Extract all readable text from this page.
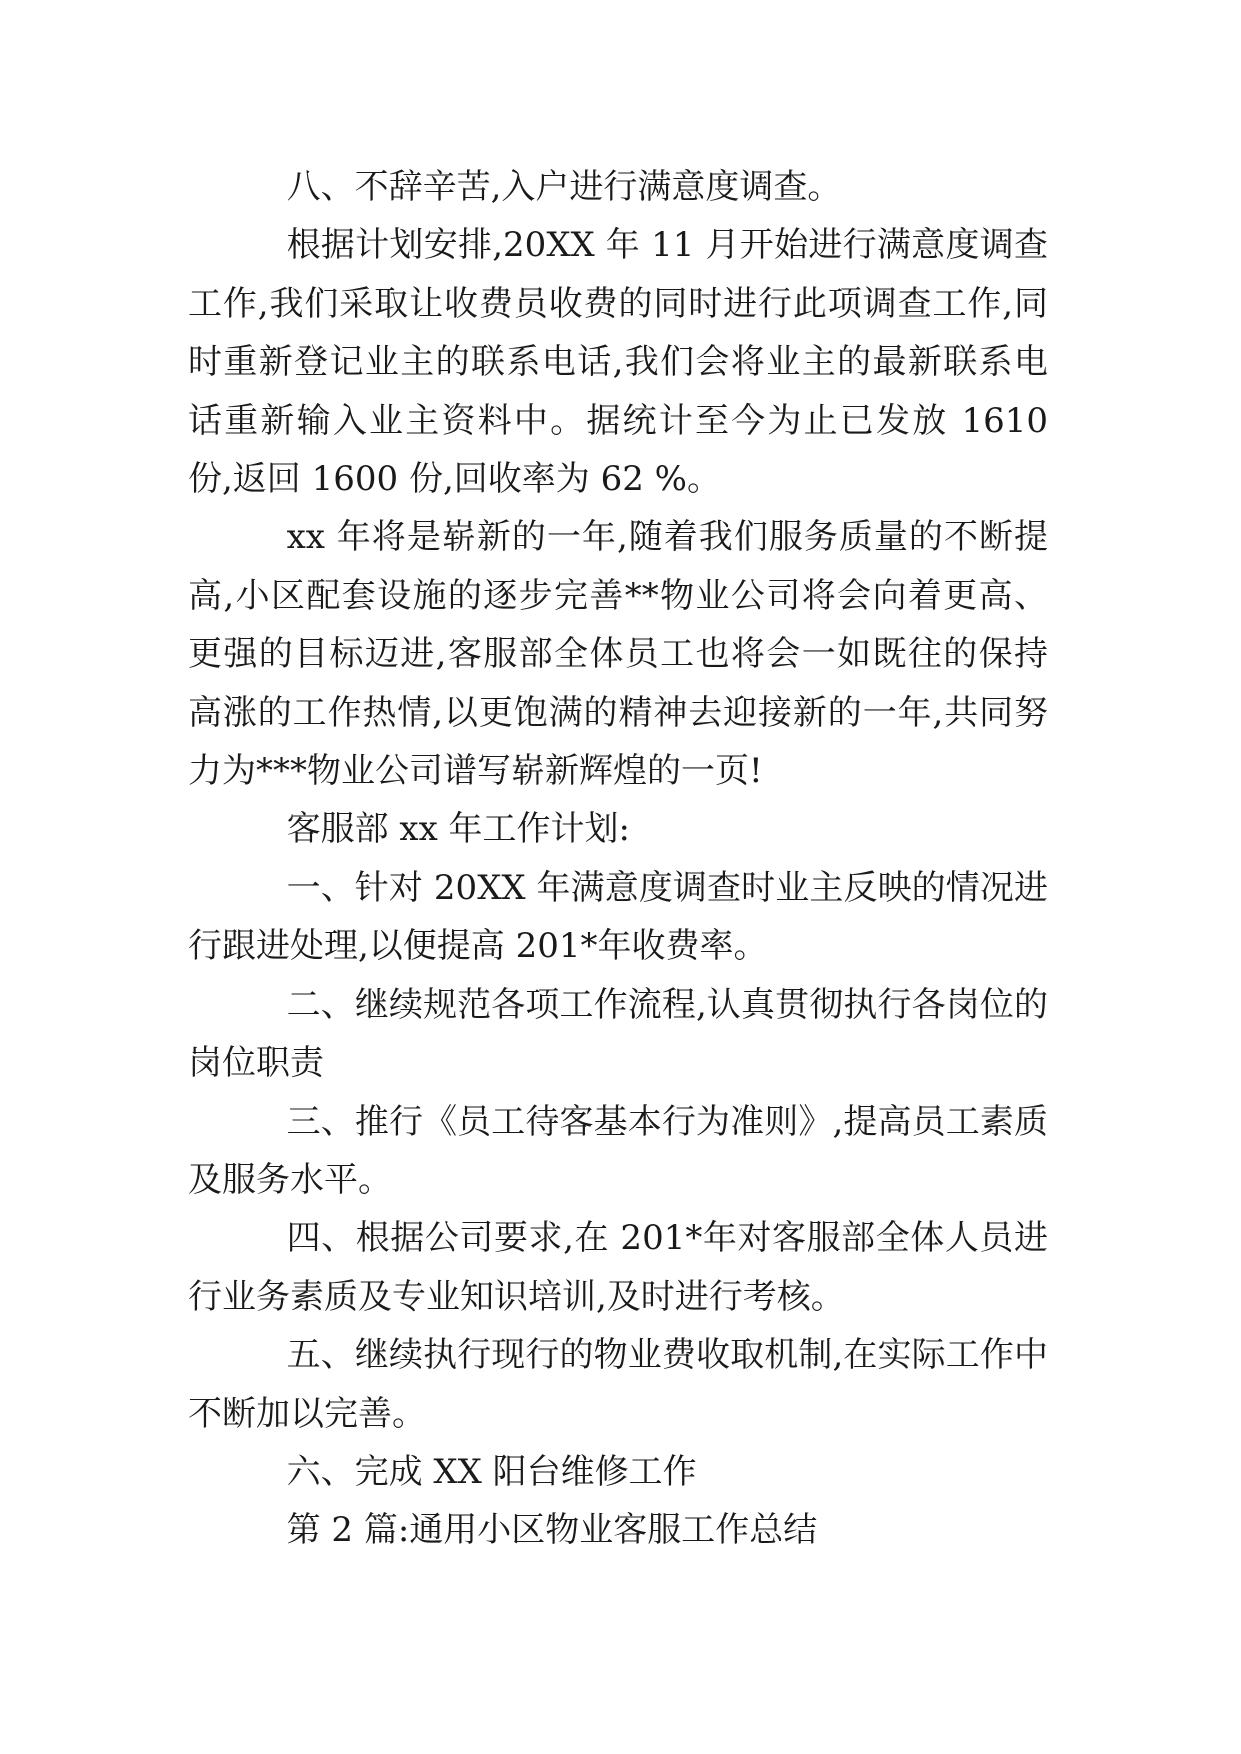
八、不辞辛苦,入户进行满意度调查。

根据计划安排,20XX 年 11 月开始进行满意度调查工作,我们采取让收费员收费的同时进行此项调查工作,同时重新登记业主的联系电话,我们会将业主的最新联系电话重新输入业主资料中。据统计至今为止已发放 1610 份,返回 1600 份,回收率为 62 %。

xx 年将是崭新的一年,随着我们服务质量的不断提高,小区配套设施的逐步完善**物业公司将会向着更高、更强的目标迈进,客服部全体员工也将会一如既往的保持高涨的工作热情,以更饱满的精神去迎接新的一年,共同努力为***物业公司谱写崭新辉煌的一页!

客服部 xx 年工作计划:

一、针对 20XX 年满意度调查时业主反映的情况进行跟进处理,以便提高 201*年收费率。

二、继续规范各项工作流程,认真贯彻执行各岗位的岗位职责

三、推行《员工待客基本行为准则》,提高员工素质及服务水平。

四、根据公司要求,在 201*年对客服部全体人员进行业务素质及专业知识培训,及时进行考核。

五、继续执行现行的物业费收取机制,在实际工作中不断加以完善。

六、完成 XX 阳台维修工作

第 2 篇:通用小区物业客服工作总结
